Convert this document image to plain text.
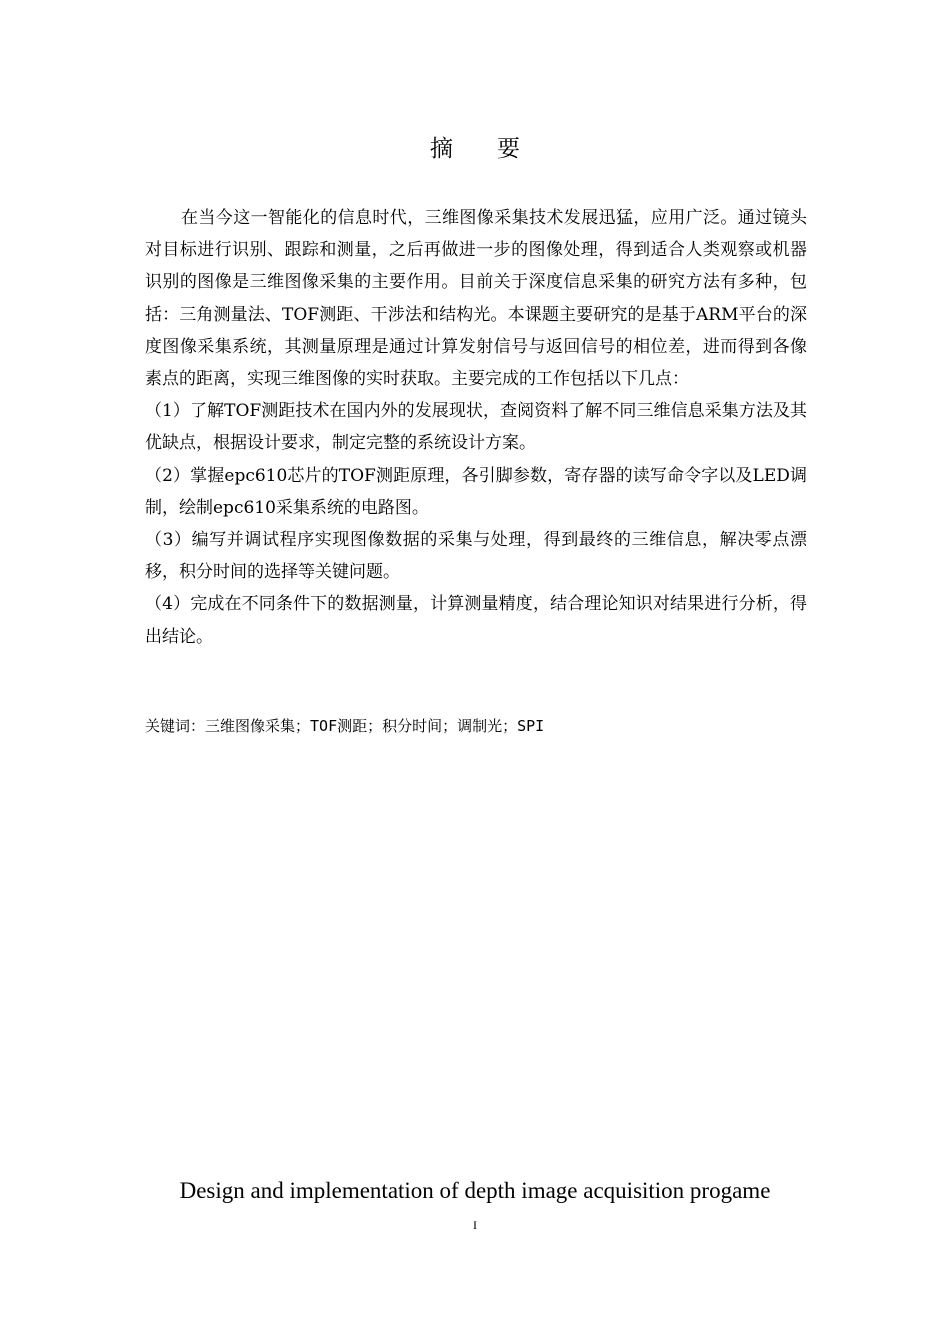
摘要

在当今这一智能化的信息时代，三维图像采集技术发展迅猛，应用广泛。通过镜头对目标进行识别、跟踪和测量，之后再做进一步的图像处理，得到适合人类观察或机器识别的图像是三维图像采集的主要作用。目前关于深度信息采集的研究方法有多种，包括：三角测量法、TOF测距、干涉法和结构光。本课题主要研究的是基于ARM平台的深度图像采集系统，其测量原理是通过计算发射信号与返回信号的相位差，进而得到各像素点的距离，实现三维图像的实时获取。主要完成的工作包括以下几点：

（1）了解TOF测距技术在国内外的发展现状，查阅资料了解不同三维信息采集方法及其优缺点，根据设计要求，制定完整的系统设计方案。

（2）掌握epc610芯片的TOF测距原理，各引脚参数，寄存器的读写命令字以及LED调制，绘制epc610采集系统的电路图。

（3）编写并调试程序实现图像数据的采集与处理，得到最终的三维信息，解决零点漂移，积分时间的选择等关键问题。

（4）完成在不同条件下的数据测量，计算测量精度，结合理论知识对结果进行分析，得出结论。

关键词：三维图像采集；TOF测距；积分时间；调制光；SPI
Design and implementation of depth image acquisition progame
I
